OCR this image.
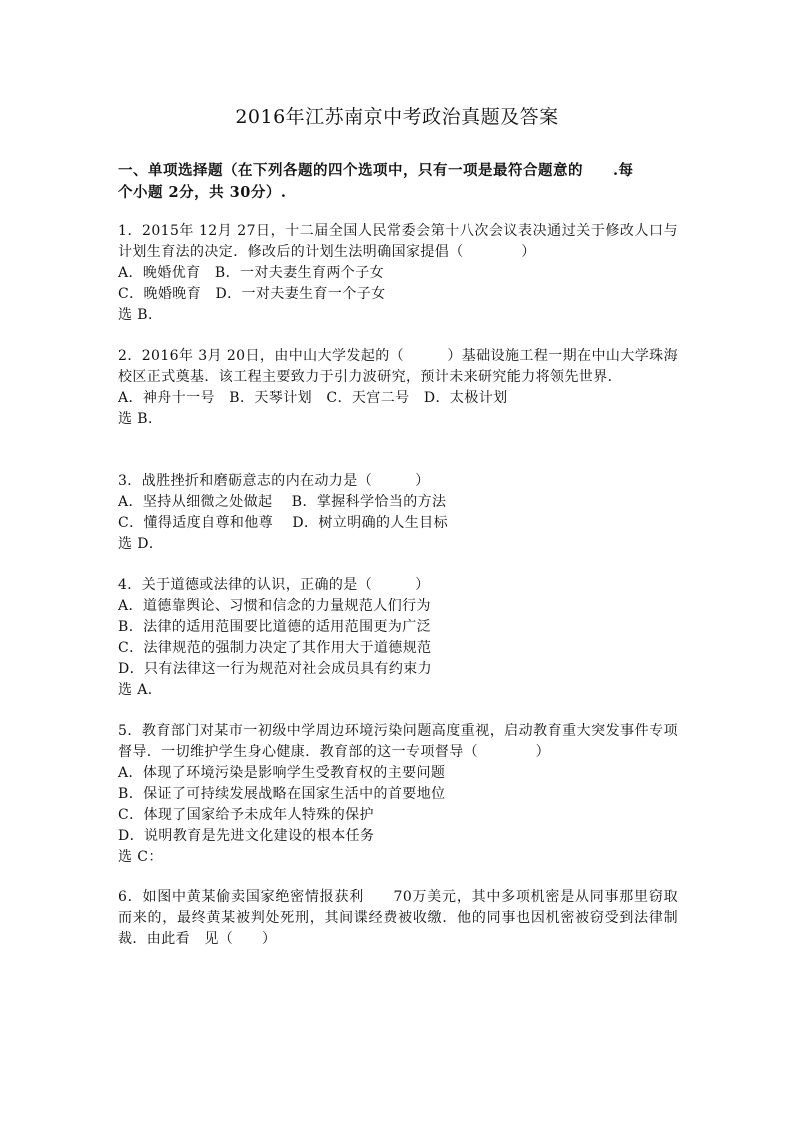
2016年江苏南京中考政治真题及答案
一、单项选择题（在下列各题的四个选项中，只有一项是最符合题意的　　.每
个小题 2分，共 30分）.

1．2015年 12月 27日，十二届全国人民常委会第十八次会议表决通过关于修改人口与计划生育法的决定．修改后的计划生法明确国家提倡（　　　　）

A．晚婚优育　B．一对夫妻生育两个子女

C．晚婚晚育　D．一对夫妻生育一个子女

选 B．

2．2016年 3月 20日，由中山大学发起的（　　　）基础设施工程一期在中山大学珠海校区正式奠基．该工程主要致力于引力波研究，预计未来研究能力将领先世界．

A．神舟十一号　B．天琴计划　C．天宫二号　D．太极计划

选 B．

3．战胜挫折和磨砺意志的内在动力是（　　　）

A．坚持从细微之处做起　 B．掌握科学恰当的方法

C．懂得适度自尊和他尊　 D．树立明确的人生目标

选 D．

4．关于道德或法律的认识，正确的是（　　　）

A．道德靠舆论、习惯和信念的力量规范人们行为

B．法律的适用范围要比道德的适用范围更为广泛

C．法律规范的强制力决定了其作用大于道德规范

D．只有法律这一行为规范对社会成员具有约束力

选 A．

5．教育部门对某市一初级中学周边环境污染问题高度重视，启动教育重大突发事件专项督导．一切维护学生身心健康．教育部的这一专项督导（　　　　）

A．体现了环境污染是影响学生受教育权的主要问题

B．保证了可持续发展战略在国家生活中的首要地位

C．体现了国家给予未成年人特殊的保护

D．说明教育是先进文化建设的根本任务

选 C：

6．如图中黄某偷卖国家绝密情报获利　　70万美元，其中多项机密是从同事那里窃取而来的，最终黄某被判处死刑，其间谍经费被收缴．他的同事也因机密被窃受到法律制裁．由此看　见（　　）
